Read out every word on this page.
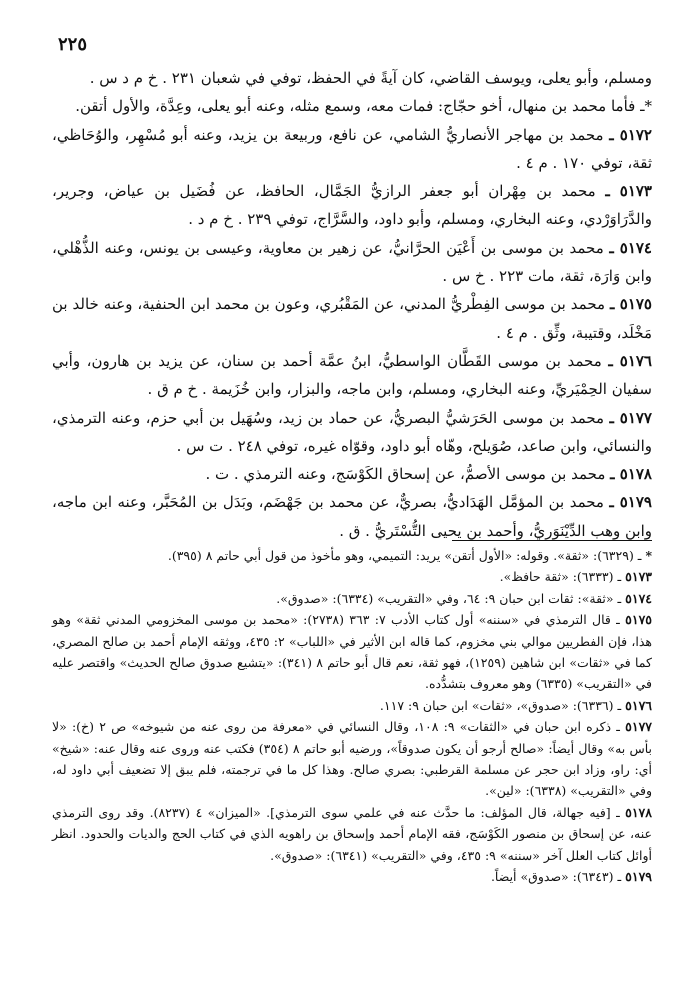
٢٢٥

ومسلم، وأبو يعلى، ويوسف القاضي، كان آيةً في الحفظ، توفي في شعبان ٢٣١ . خ م د س .

*ـ فأما محمد بن منهال، أخو حجّاج: فمات معه، وسمع مثله، وعنه أبو يعلى، وعِدَّة، والأول أتقن.

٥١٧٢ ـ محمد بن مهاجر الأنصاريُّ الشامي، عن نافع، وربيعة بن يزيد، وعنه أبو مُسْهِر، والوُحَاظي، ثقة، توفي ١٧٠ . م ٤ .

٥١٧٣ ـ محمد بن مِهْران أبو جعفر الرازيُّ الجَمَّال، الحافظ، عن فُضَيل بن عياض، وجرير، والدَّرَاوَرْدي، وعنه البخاري، ومسلم، وأبو داود، والسَّرَّاج، توفي ٢٣٩ . خ م د .

٥١٧٤ ـ محمد بن موسى بن أَعْيَن الحرَّانيُّ، عن زهير بن معاوية، وعيسى بن يونس، وعنه الذُّهْلي، وابن وَارَة، ثقة، مات ٢٢٣ . خ س .

٥١٧٥ ـ محمد بن موسى الفِطْريُّ المدني، عن المَقْبُري، وعون بن محمد ابن الحنفية، وعنه خالد بن مَخْلَد، وقتيبة، وثِّق . م ٤ .

٥١٧٦ ـ محمد بن موسى القَطَّان الواسطيُّ، ابنُ عمَّة أحمد بن سنان، عن يزيد بن هارون، وأبي سفيان الحِمْيَريِّ، وعنه البخاري، ومسلم، وابن ماجه، والبزار، وابن خُزَيمة . خ م ق .

٥١٧٧ ـ محمد بن موسى الحَرَشيُّ البصريُّ، عن حماد بن زيد، وسُهَيل بن أبي حزم، وعنه الترمذي، والنسائي، وابن صاعد، صُوَيلح، وهّاه أبو داود، وقوّاه غيره، توفي ٢٤٨ . ت س .

٥١٧٨ ـ محمد بن موسى الأصمُّ، عن إسحاق الكَوْسَج، وعنه الترمذي . ت .

٥١٧٩ ـ محمد بن المؤمَّل الهَدَاديُّ، بصريٌّ، عن محمد بن جَهْضَم، وبَدَل بن المُحَبَّر، وعنه ابن ماجه، وابن وهب الدِّيْنَوَريُّ، وأحمد بن يحيى التُّسْتَريُّ . ق .

* ـ (٦٣٢٩): «ثقة». وقوله: «الأول أتقن» يريد: التميمي، وهو مأخوذ من قول أبي حاتم ٨ (٣٩٥).

٥١٧٣ ـ (٦٣٣٣): «ثقة حافظ».

٥١٧٤ ـ «ثقة»: ثقات ابن حبان ٩: ٦٤، وفي «التقريب» (٦٣٣٤): «صدوق».

٥١٧٥ ـ قال الترمذي في «سننه» أول كتاب الأدب ٧: ٣٦٣ (٢٧٣٨): «محمد بن موسى المخزومي المدني ثقة» وهو هذا، فإن الفطريين موالي بني مخزوم، كما قاله ابن الأثير في «اللباب» ٢: ٤٣٥، ووثقه الإمام أحمد بن صالح المصري، كما في «ثقات» ابن شاهين (١٢٥٩)، فهو ثقة، نعم قال أبو حاتم ٨ (٣٤١): «يتشيع صدوق صالح الحديث» واقتصر عليه في «التقريب» (٦٣٣٥) وهو معروف بتشدُّده.

٥١٧٦ ـ (٦٣٣٦): «صدوق»، «ثقات» ابن حبان ٩: ١١٧.

٥١٧٧ ـ ذكره ابن حبان في «الثقات» ٩: ١٠٨، وقال النسائي في «معرفة من روى عنه من شيوخه» ص ٢ (خ): «لا بأس به» وقال أيضاً: «صالح أرجو أن يكون صدوقاً»، ورضيه أبو حاتم ٨ (٣٥٤) فكتب عنه وروى عنه وقال عنه: «شيخ» أي: راو، وزاد ابن حجر عن مسلمة القرطبي: بصري صالح. وهذا كل ما في ترجمته، فلم يبق إلا تضعيف أبي داود له، وفي «التقريب» (٦٣٣٨): «لين».

٥١٧٨ ـ [فيه جهالة، قال المؤلف: ما حدَّث عنه في علمي سوى الترمذي]. «الميزان» ٤ (٨٢٣٧). وقد روى الترمذي عنه، عن إسحاق بن منصور الكَوْسَج، فقه الإمام أحمد وإسحاق بن راهويه الذي في كتاب الحج والديات والحدود. انظر أوائل كتاب العلل آخر «سننه» ٩: ٤٣٥، وفي «التقريب» (٦٣٤١): «صدوق».

٥١٧٩ ـ (٦٣٤٣): «صدوق» أيضاً.
